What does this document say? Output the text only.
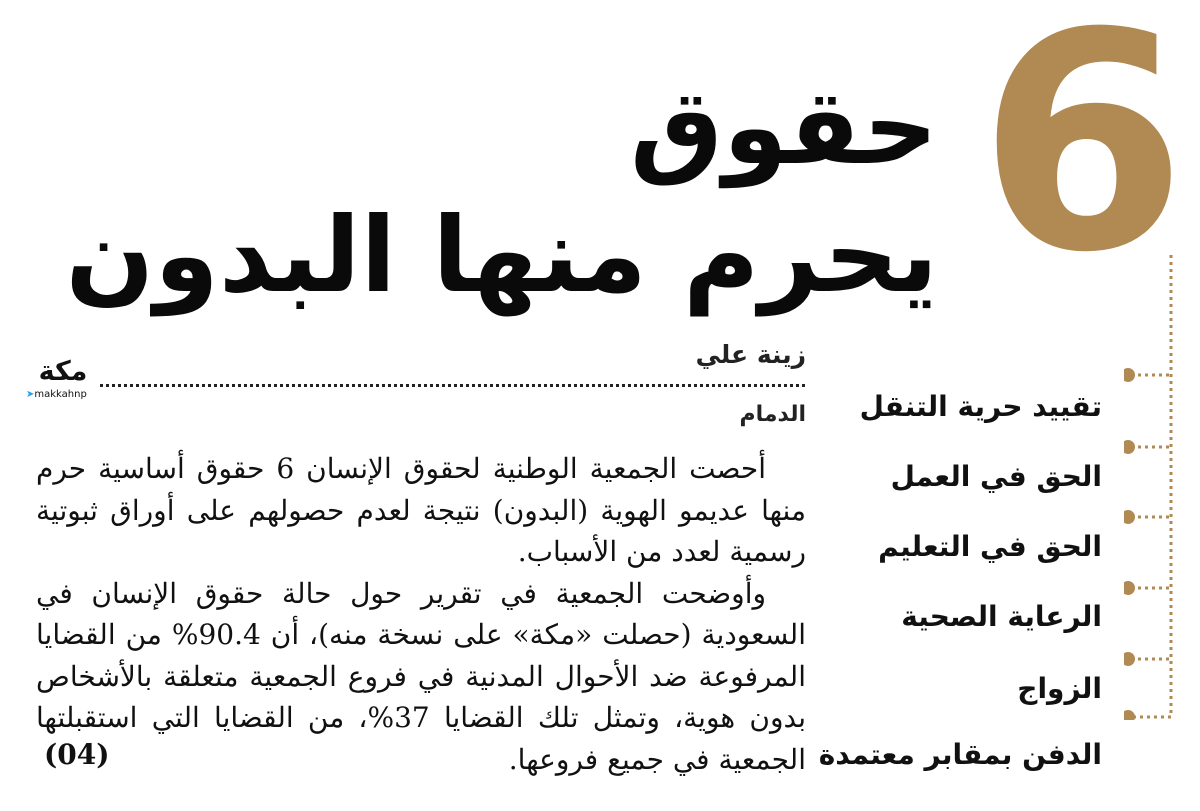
6
حقوق
يحرم منها البدون
زينة علي
مكة
➤makkahnp
الدمام

أحصت الجمعية الوطنية لحقوق الإنسان 6 حقوق أساسية حرم منها عديمو الهوية (البدون) نتيجة لعدم حصولهم على أوراق ثبوتية رسمية لعدد من الأسباب.

وأوضحت الجمعية في تقرير حول حالة حقوق الإنسان في السعودية (حصلت «مكة» على نسخة منه)، أن 90.4% من القضايا المرفوعة ضد الأحوال المدنية في فروع الجمعية متعلقة بالأشخاص بدون هوية، وتمثل تلك القضايا 37%، من القضايا التي استقبلتها الجمعية في جميع فروعها.

(04)
تقييد حرية التنقل
الحق في العمل
الحق في التعليم
الرعاية الصحية
الزواج
الدفن بمقابر معتمدة
